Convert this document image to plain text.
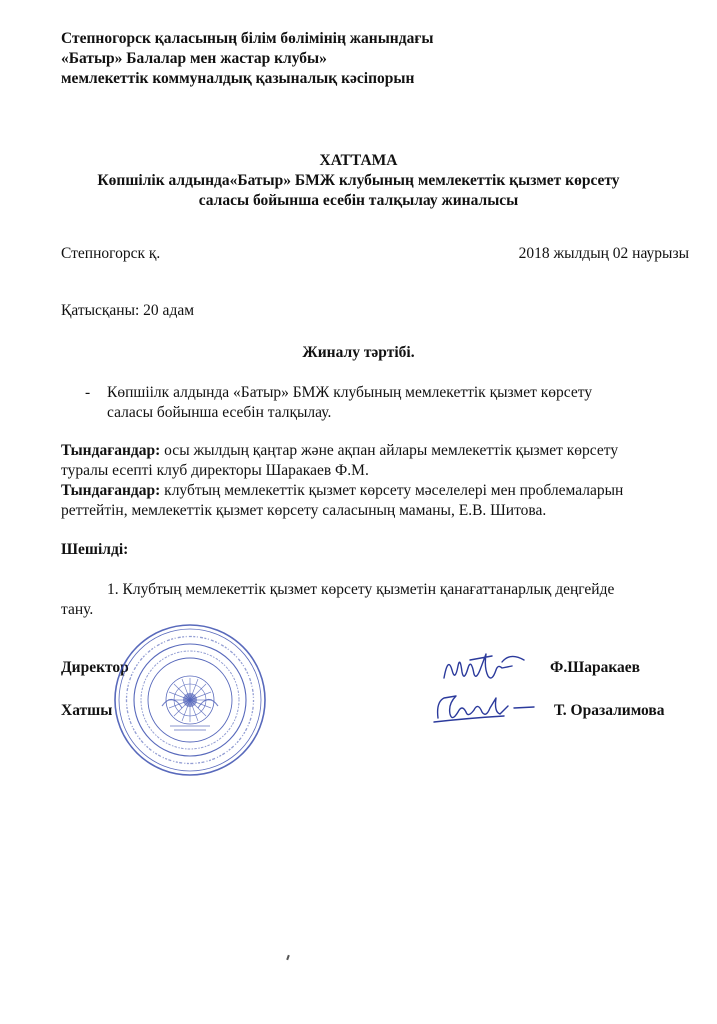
Степногорск қаласының білім бөлімінің жанындағы
«Батыр» Балалар мен жастар клубы»
мемлекеттік коммуналдық қазыналық кәсіпорын
ХАТТАМА
Көпшілік алдында«Батыр» БМЖ клубының мемлекеттік қызмет көрсету
саласы бойынша есебін талқылау жиналысы
Степногорск қ.	2018 жылдың 02 наурызы
Қатысқаны: 20 адам
Жиналу тәртібі.
- Көпшіілк алдында «Батыр» БМЖ клубының мемлекеттік қызмет көрсету
саласы бойынша есебін талқылау.
Тындағандар: осы жылдың қаңтар және ақпан айлары мемлекеттік қызмет көрсету
туралы есепті клуб директоры Шаракаев Ф.М.
Тындағандар: клубтың мемлекеттік қызмет көрсету мәселелері мен проблемаларын
реттейтін, мемлекеттік қызмет көрсету саласының маманы, Е.В. Шитова.
Шешілді:
1. Клубтың мемлекеттік қызмет көрсету қызметін қанағаттанарлық деңгейде
тану.
Директор	Ф.Шаракаев
Хатшы	Т. Оразалимова
